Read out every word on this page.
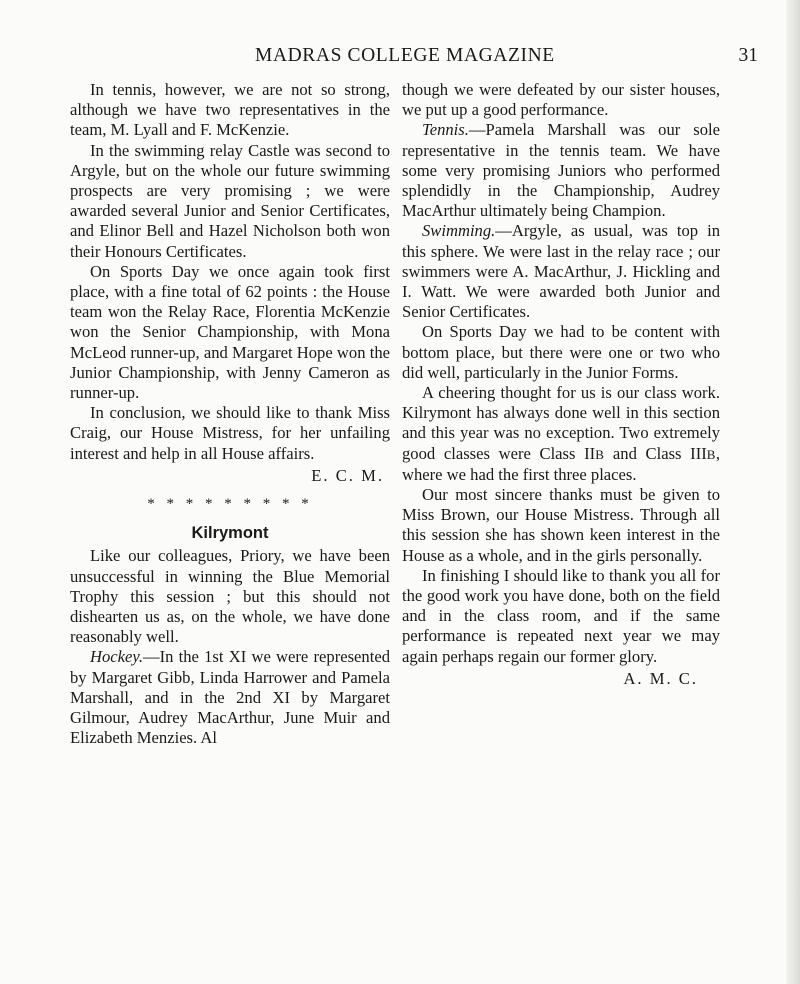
MADRAS COLLEGE MAGAZINE	31

In tennis, however, we are not so strong, although we have two representatives in the team, M. Lyall and F. McKenzie.

In the swimming relay Castle was second to Argyle, but on the whole our future swimming prospects are very promising ; we were awarded several Junior and Senior Certificates, and Elinor Bell and Hazel Nicholson both won their Honours Certificates.

On Sports Day we once again took first place, with a fine total of 62 points : the House team won the Relay Race, Florentia McKenzie won the Senior Championship, with Mona McLeod runner-up, and Margaret Hope won the Junior Championship, with Jenny Cameron as runner-up.

In conclusion, we should like to thank Miss Craig, our House Mistress, for her unfailing interest and help in all House affairs.

E. C. M.
* * * * * * * * *
Kilrymont

Like our colleagues, Priory, we have been unsuccessful in winning the Blue Memorial Trophy this session ; but this should not dishearten us as, on the whole, we have done reasonably well.

Hockey.—In the 1st XI we were represented by Margaret Gibb, Linda Harrower and Pamela Marshall, and in the 2nd XI by Margaret Gilmour, Audrey MacArthur, June Muir and Elizabeth Menzies. Al

though we were defeated by our sister houses, we put up a good performance.

Tennis.—Pamela Marshall was our sole representative in the tennis team. We have some very promising Juniors who performed splendidly in the Championship, Audrey MacArthur ultimately being Champion.

Swimming.—Argyle, as usual, was top in this sphere. We were last in the relay race ; our swimmers were A. MacArthur, J. Hickling and I. Watt. We were awarded both Junior and Senior Certificates.

On Sports Day we had to be content with bottom place, but there were one or two who did well, particularly in the Junior Forms.

A cheering thought for us is our class work. Kilrymont has always done well in this section and this year was no exception. Two extremely good classes were Class IIB and Class IIIB, where we had the first three places.

Our most sincere thanks must be given to Miss Brown, our House Mistress. Through all this session she has shown keen interest in the House as a whole, and in the girls personally.

In finishing I should like to thank you all for the good work you have done, both on the field and in the class room, and if the same performance is repeated next year we may again perhaps regain our former glory.

A. M. C.
